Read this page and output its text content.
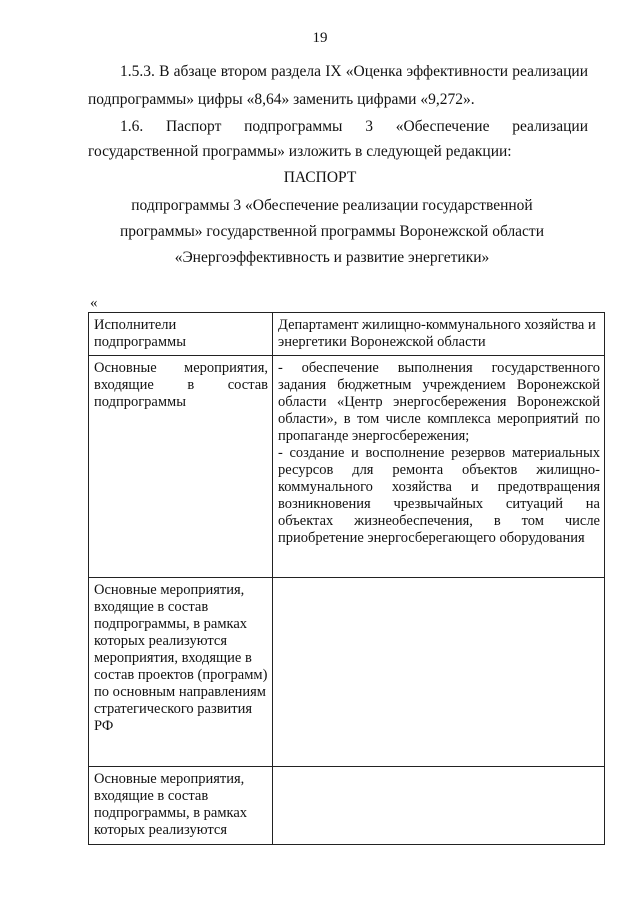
19

1.5.3. В абзаце втором раздела IX «Оценка эффективности реализации

подпрограммы» цифры «8,64» заменить цифрами «9,272».

1.6. Паспорт подпрограммы 3 «Обеспечение реализации

государственной программы» изложить в следующей редакции:

ПАСПОРТ

подпрограммы 3 «Обеспечение реализации государственной

программы» государственной программы Воронежской области

«Энергоэффективность и развитие энергетики»

«
Исполнители подпрограммы	Департамент жилищно-коммунального хозяйства и энергетики Воронежской области

Основные мероприятия, входящие в состав подпрограммы	- обеспечение выполнения государственного задания бюджетным учреждением Воронежской области «Центр энергосбережения Воронежской области», в том числе комплекса мероприятий по пропаганде энергосбережения;
- создание и восполнение резервов материальных ресурсов для ремонта объектов жилищно-коммунального хозяйства и предотвращения возникновения чрезвычайных ситуаций на объектах жизнеобеспечения, в том числе приобретение энергосберегающего оборудования

Основные мероприятия, входящие в состав подпрограммы, в рамках которых реализуются мероприятия, входящие в состав проектов (программ) по основным направлениям стратегического развития РФ	
Основные мероприятия, входящие в состав подпрограммы, в рамках которых реализуются	
